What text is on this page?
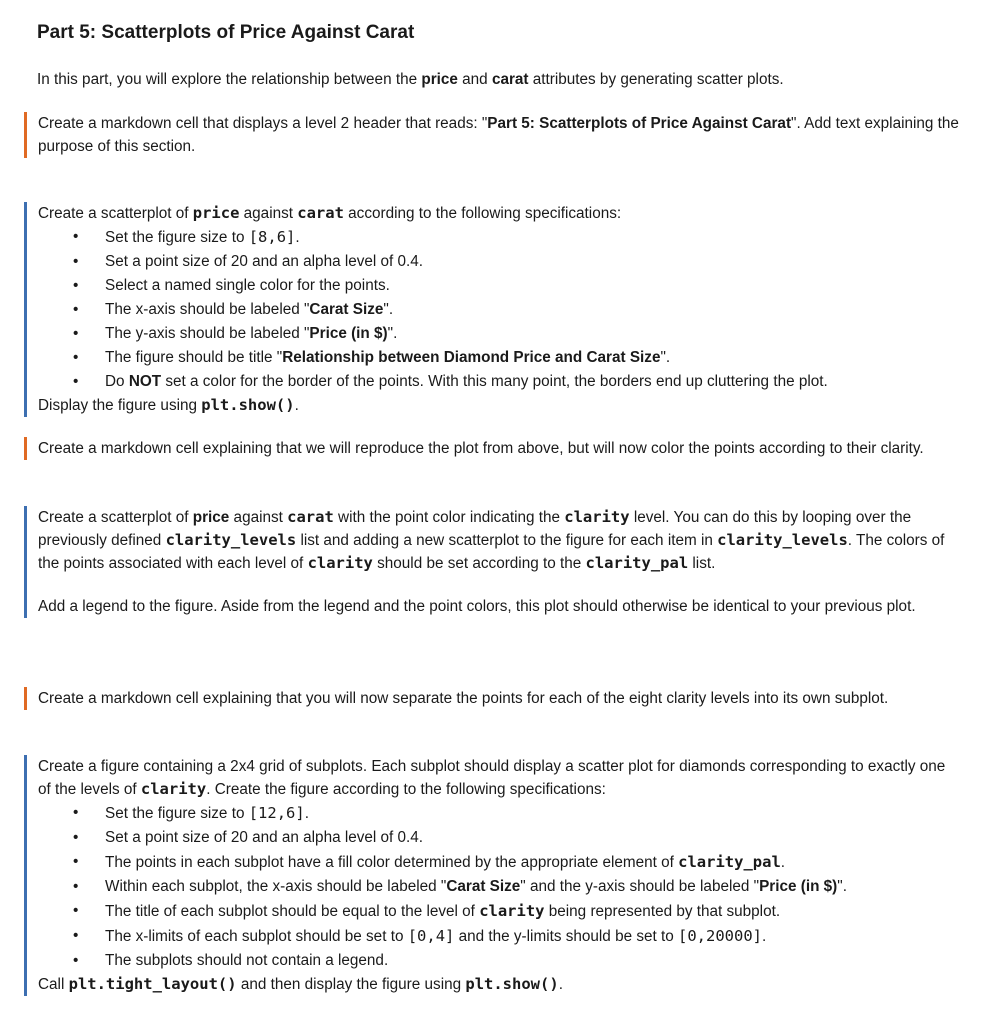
Part 5: Scatterplots of Price Against Carat

In this part, you will explore the relationship between the price and carat attributes by generating scatter plots.

Create a markdown cell that displays a level 2 header that reads: "Part 5: Scatterplots of Price Against Carat". Add text explaining the purpose of this section.

Create a scatterplot of price against carat according to the following specifications:

• Set the figure size to [8,6].
• Set a point size of 20 and an alpha level of 0.4.
• Select a named single color for the points.
• The x-axis should be labeled "Carat Size".
• The y-axis should be labeled "Price (in $)".
• The figure should be title "Relationship between Diamond Price and Carat Size".
• Do NOT set a color for the border of the points. With this many point, the borders end up cluttering the plot.

Display the figure using plt.show().

Create a markdown cell explaining that we will reproduce the plot from above, but will now color the points according to their clarity.

Create a scatterplot of price against carat with the point color indicating the clarity level. You can do this by looping over the previously defined clarity_levels list and adding a new scatterplot to the figure for each item in clarity_levels. The colors of the points associated with each level of clarity should be set according to the clarity_pal list.

Add a legend to the figure. Aside from the legend and the point colors, this plot should otherwise be identical to your previous plot.

Create a markdown cell explaining that you will now separate the points for each of the eight clarity levels into its own subplot.

Create a figure containing a 2x4 grid of subplots. Each subplot should display a scatter plot for diamonds corresponding to exactly one of the levels of clarity. Create the figure according to the following specifications:

• Set the figure size to [12,6].
• Set a point size of 20 and an alpha level of 0.4.
• The points in each subplot have a fill color determined by the appropriate element of clarity_pal.
• Within each subplot, the x-axis should be labeled "Carat Size" and the y-axis should be labeled "Price (in $)".
• The title of each subplot should be equal to the level of clarity being represented by that subplot.
• The x-limits of each subplot should be set to [0,4] and the y-limits should be set to [0,20000].
• The subplots should not contain a legend.

Call plt.tight_layout() and then display the figure using plt.show().
